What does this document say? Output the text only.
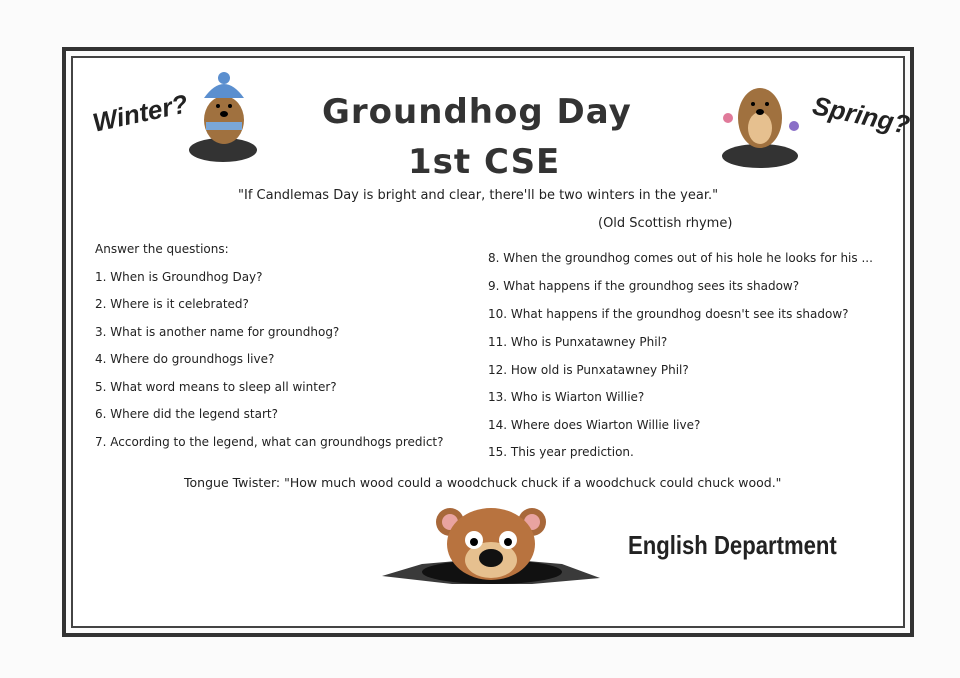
Winter?	Spring?
Groundhog Day
1st CSE
"If Candlemas Day is bright and clear, there'll be two winters in the year."
(Old Scottish rhyme)
Answer the questions:
1. When is Groundhog Day?
2. Where is it celebrated?
3. What is another name for groundhog?
4. Where do groundhogs live?
5. What word means to sleep all winter?
6. Where did the legend start?
7. According to the legend, what can groundhogs predict?
8. When the groundhog comes out of his hole he looks for his ...
9. What happens if the groundhog sees its shadow?
10. What happens if the groundhog doesn't see its shadow?
11. Who is Punxatawney Phil?
12. How old is Punxatawney Phil?
13. Who is Wiarton Willie?
14. Where does Wiarton Willie live?
15. This year prediction.
Tongue Twister: "How much wood could a woodchuck chuck if a woodchuck could chuck wood."
English Department
